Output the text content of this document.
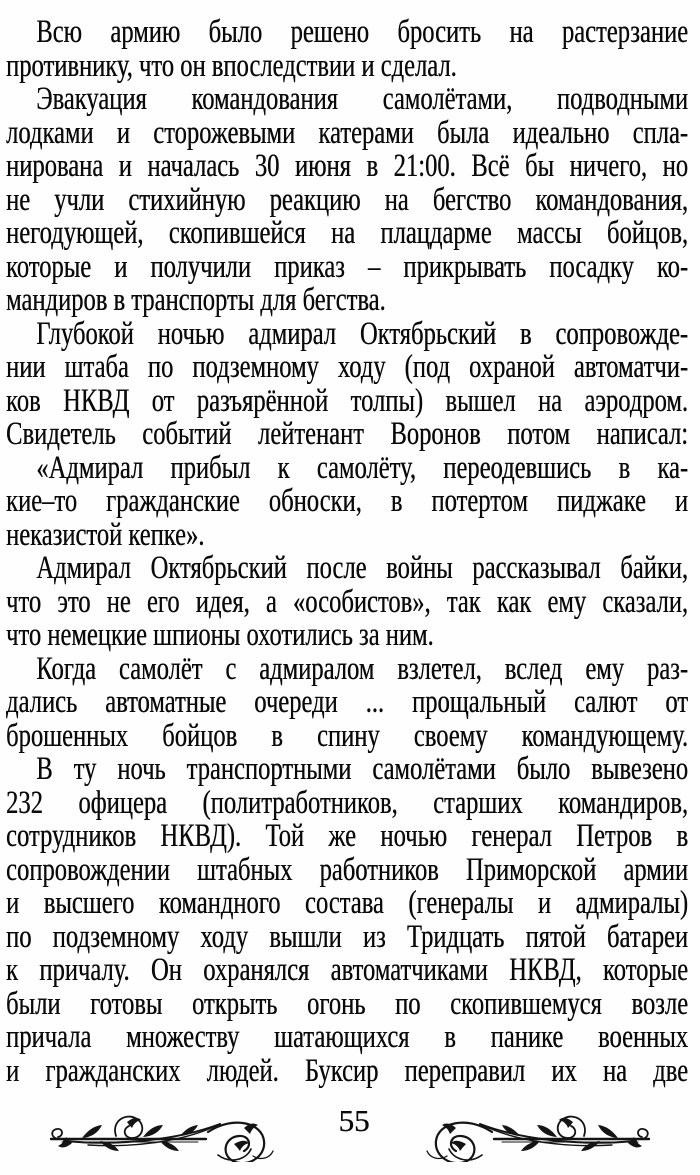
Всю армию было решено бросить на растерзание
противнику, что он впоследствии и сделал.
Эвакуация командования самолётами, подводными
лодками и сторожевыми катерами была идеально спла-
нирована и началась 30 июня в 21:00. Всё бы ничего, но
не учли стихийную реакцию на бегство командования,
негодующей, скопившейся на плацдарме массы бойцов,
которые и получили приказ – прикрывать посадку ко-
мандиров в транспорты для бегства.
Глубокой ночью адмирал Октябрьский в сопровожде-
нии штаба по подземному ходу (под охраной автоматчи-
ков НКВД от разъярённой толпы) вышел на аэродром.
Свидетель событий лейтенант Воронов потом написал:
«Адмирал прибыл к самолёту, переодевшись в ка-
кие–то гражданские обноски, в потертом пиджаке и
неказистой кепке».
Адмирал Октябрьский после войны рассказывал байки,
что это не его идея, а «особистов», так как ему сказали,
что немецкие шпионы охотились за ним.
Когда самолёт с адмиралом взлетел, вслед ему раз-
дались автоматные очереди ... прощальный салют от
брошенных бойцов в спину своему командующему.
В ту ночь транспортными самолётами было вывезено
232 офицера (политработников, старших командиров,
сотрудников НКВД). Той же ночью генерал Петров в
сопровождении штабных работников Приморской армии
и высшего командного состава (генералы и адмиралы)
по подземному ходу вышли из Тридцать пятой батареи
к причалу. Он охранялся автоматчиками НКВД, которые
были готовы открыть огонь по скопившемуся возле
причала множеству шатающихся в панике военных
и гражданских людей. Буксир переправил их на две
55
